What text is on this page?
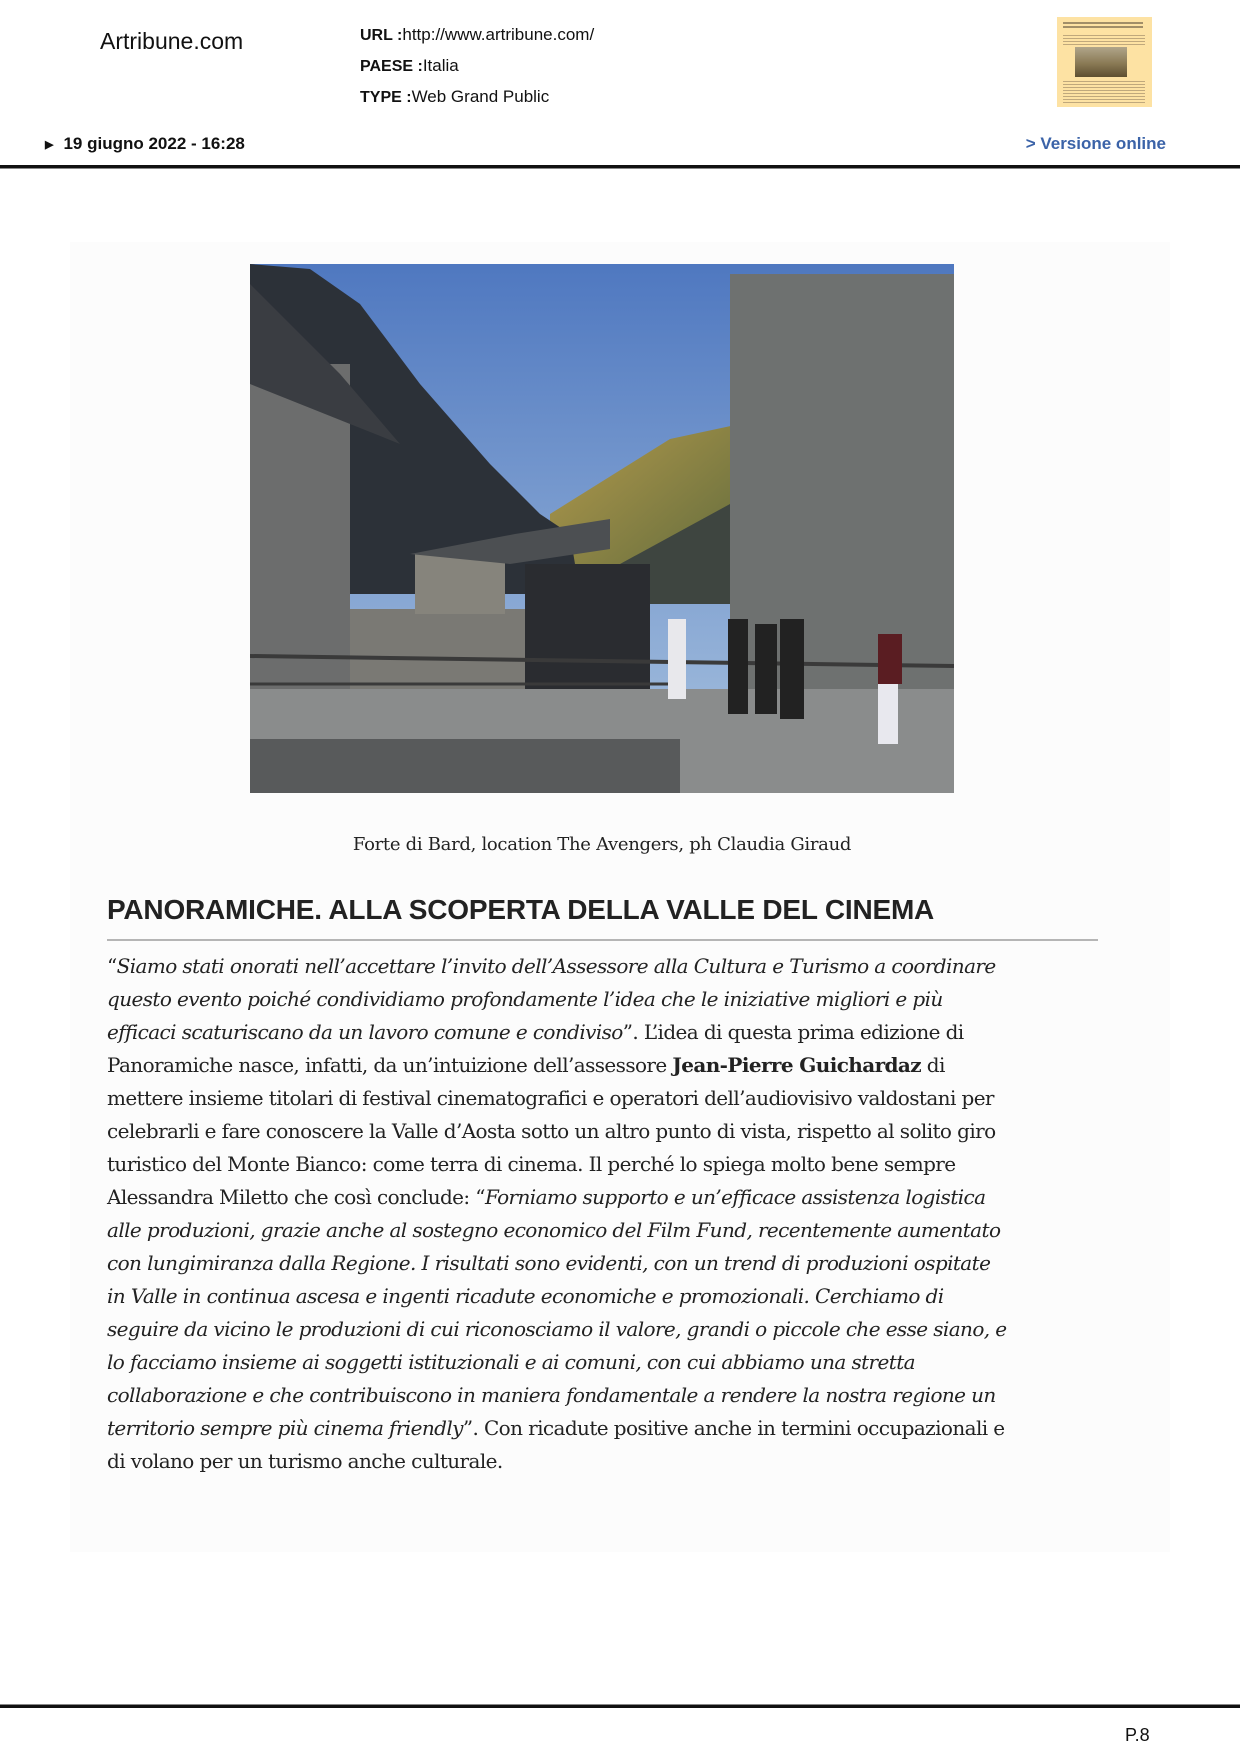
Artribune.com	URL :http://www.artribune.com/
PAESE :Italia
TYPE :Web Grand Public
▶ 19 giugno 2022 - 16:28	> Versione online
Forte di Bard, location The Avengers, ph Claudia Giraud
PANORAMICHE. ALLA SCOPERTA DELLA VALLE DEL CINEMA
“Siamo stati onorati nell’accettare l’invito dell’Assessore alla Cultura e Turismo a coordinare
questo evento poiché condividiamo profondamente l’idea che le iniziative migliori e più
efficaci scaturiscano da un lavoro comune e condiviso”. L’idea di questa prima edizione di
Panoramiche nasce, infatti, da un’intuizione dell’assessore Jean-Pierre Guichardaz di
mettere insieme titolari di festival cinematografici e operatori dell’audiovisivo valdostani per
celebrarli e fare conoscere la Valle d’Aosta sotto un altro punto di vista, rispetto al solito giro
turistico del Monte Bianco: come terra di cinema. Il perché lo spiega molto bene sempre
Alessandra Miletto che così conclude: “Forniamo supporto e un’efficace assistenza logistica
alle produzioni, grazie anche al sostegno economico del Film Fund, recentemente aumentato
con lungimiranza dalla Regione. I risultati sono evidenti, con un trend di produzioni ospitate
in Valle in continua ascesa e ingenti ricadute economiche e promozionali. Cerchiamo di
seguire da vicino le produzioni di cui riconosciamo il valore, grandi o piccole che esse siano, e
lo facciamo insieme ai soggetti istituzionali e ai comuni, con cui abbiamo una stretta
collaborazione e che contribuiscono in maniera fondamentale a rendere la nostra regione un
territorio sempre più cinema friendly”. Con ricadute positive anche in termini occupazionali e
di volano per un turismo anche culturale.
P.8
